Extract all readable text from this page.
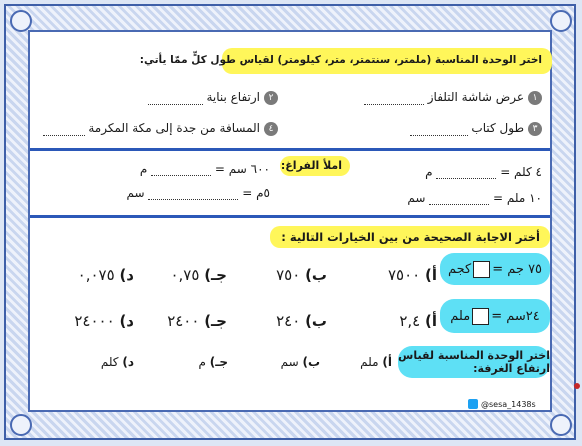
اختر الوحدة المناسبة (ملمتر، سنتمتر، متر، كيلومتر) لقياس طول كلٍّ ممّا يأتي:
١عرض شاشة التلفاز
٢ارتفاع بناية
٣طول كتاب
٤المسافة من جدة إلى مكة المكرمة
املأ الفراغ:	٤ كلم =  م
٦٠٠ سم =  م
١٠ ملم =  سم
٥م =  سم
أختر الاجابة الصحيحة من بين الخيارات التالية :
٧٥ جم =
كجم
أ) ٧٥٠٠
ب) ٧٥٠
جـ) ٠,٧٥
د) ٠,٠٧٥
٢٤سم =
ملم
أ) ٢,٤
ب) ٢٤٠
جـ) ٢٤٠٠
د) ٢٤٠٠٠
اختر الوحدة المناسبة لقياس ارتفاع الغرفة:
أ) ملم
ب) سم
جـ) م
د) كلم
@sesa_1438s
